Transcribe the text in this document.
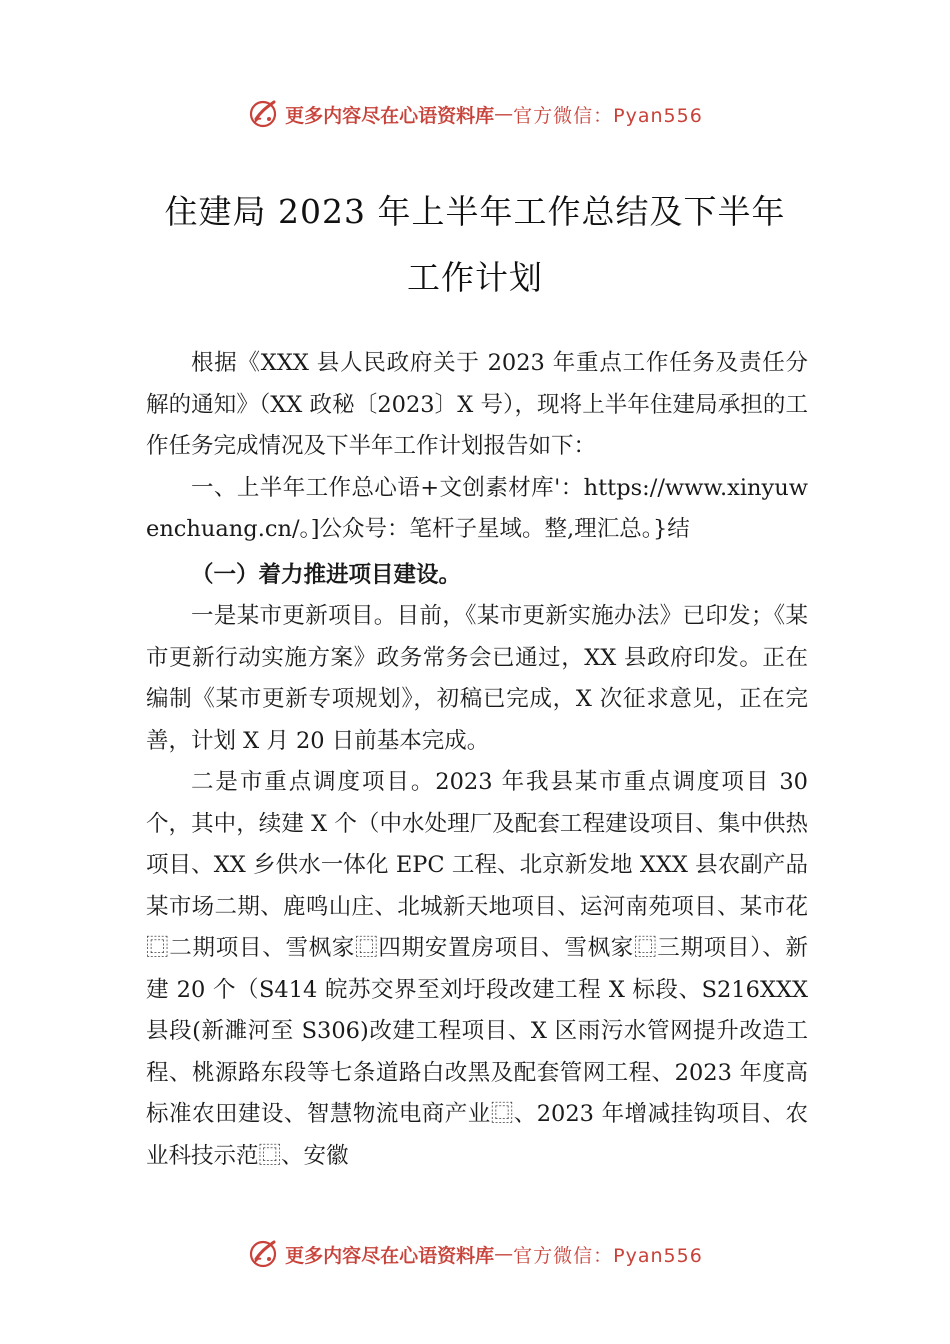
更多内容尽在心语资料库 — 官方微信：Pyan556
住建局 2023 年上半年工作总结及下半年
工作计划

根据《XXX 县人民政府关于 2023 年重点工作任务及责任分解的通知》（XX 政秘〔2023〕X 号），现将上半年住建局承担的工作任务完成情况及下半年工作计划报告如下：

一、上半年工作总心语+文创素材库'：https://www.xinyuwenchuang.cn/。]公众号：笔杆子星域。整,理汇总。}结

（一）着力推进项目建设。

一是某市更新项目。目前，《某市更新实施办法》已印发；《某市更新行动实施方案》政务常务会已通过，XX 县政府印发。正在编制《某市更新专项规划》，初稿已完成，X 次征求意见，正在完善，计划 X 月 20 日前基本完成。

二是市重点调度项目。2023 年我县某市重点调度项目 30 个，其中，续建 X 个（中水处理厂及配套工程建设项目、集中供热项目、XX 乡供水一体化 EPC 工程、北京新发地 XXX 县农副产品某市场二期、鹿鸣山庄、北城新天地项目、运河南苑项目、某市花⿴二期项目、雪枫家⿴四期安置房项目、雪枫家⿴三期项目）、新建 20 个（S414 皖苏交界至刘圩段改建工程 X 标段、S216XXX 县段(新濉河至 S306)改建工程项目、X 区雨污水管网提升改造工程、桃源路东段等七条道路白改黑及配套管网工程、2023 年度高标准农田建设、智慧物流电商产业⿴、2023 年增减挂钩项目、农业科技示范⿴、安徽

更多内容尽在心语资料库 — 官方微信：Pyan556
